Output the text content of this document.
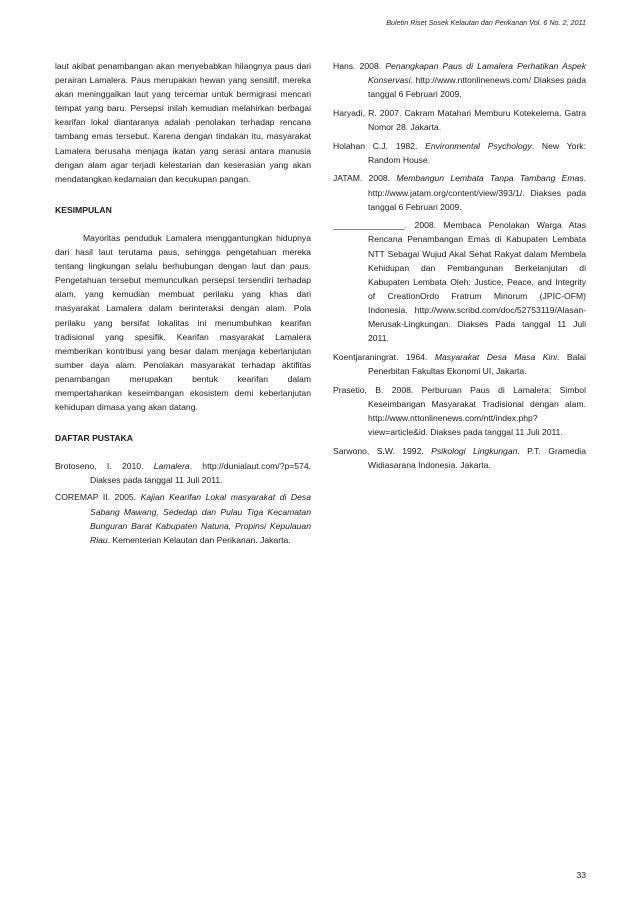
Buletin Riset Sosek Kelautan dan Perikanan Vol. 6 No. 2, 2011

laut akibat penambangan akan menyebabkan hilangnya paus dari perairan Lamalera. Paus merupakan hewan yang sensitif, mereka akan meninggalkan laut yang tercemar untuk bermigrasi mencari tempat yang baru. Persepsi inilah kemudian melahirkan berbagai kearifan lokal diantaranya adalah penolakan terhadap rencana tambang emas tersebut. Karena dengan tindakan itu, masyarakat Lamalera berusaha menjaga ikatan yang serasi antara manusia dengan alam agar terjadi kelestarian dan keserasian yang akan mendatangkan kedamaian dan kecukupan pangan.

KESIMPULAN

Mayoritas penduduk Lamalera menggantungkan hidupnya dari hasil laut terutama paus, sehingga pengetahuan mereka tentang lingkungan selalu berhubungan dengan laut dan paus. Pengetahuan tersebut memunculkan persepsi tersendiri terhadap alam, yang kemudian membuat perilaku yang khas dari masyarakat Lamalera dalam berinteraksi dengan alam. Pola perilaku yang bersifat lokalitas ini menumbuhkan kearifan tradisional yang spesifik. Kearifan masyarakat Lamalera memberikan kontribusi yang besar dalam menjaga keberlanjutan sumber daya alam. Penolakan masyarakat terhadap aktifitas penambangan merupakan bentuk kearifan dalam mempertahankan keseimbangan ekosistem demi keberlanjutan kehidupan dimasa yang akan datang.

DAFTAR PUSTAKA
Brotoseno, I. 2010. Lamalera. http://dunialaut.com/?p=574. Diakses pada tanggal 11 Juli 2011.
COREMAP II. 2005. Kajian Kearifan Lokal masyarakat di Desa Sabang Mawang, Sededap dan Pulau Tiga Kecamatan Bunguran Barat Kabupaten Natuna, Propinsi Kepulauan Riau. Kementerian Kelautan dan Perikanan. Jakarta.
Hans. 2008. Penangkapan Paus di Lamalera Perhatikan Aspek Konservasi. http://www.nttonlinenews.com/ Diakses pada tanggal 6 Februari 2009.
Haryadi, R. 2007. Cakram Matahari Memburu Kotekelema. Gatra Nomor 28. Jakarta.
Holahan C.J. 1982. Environmental Psychology. New York: Random House.
JATAM. 2008. Membangun Lembata Tanpa Tambang Emas. http://www.jatam.org/content/view/393/1/. Diakses pada tanggal 6 Februari 2009.
_______________. 2008. Membaca Penolakan Warga Atas Rencana Penambangan Emas di Kabupaten Lembata NTT Sebagai Wujud Akal Sehat Rakyat dalam Membela Kehidupan dan Pembangunan Berkelanjutan di Kabupaten Lembata Oleh: Justice, Peace, and Integrity of CreationOrdo Fratrum Minorum (JPIC-OFM) Indonesia. http://www.scribd.com/doc/52753119/Alasan-Merusak-Lingkungan. Diakses Pada tanggal 11 Juli 2011.
Koentjaraningrat. 1964. Masyarakat Desa Masa Kini. Balai Penerbitan Fakultas Ekonomi UI, Jakarta.
Prasetio, B. 2008. Perburuan Paus di Lamalera: Simbol Keseimbangan Masyarakat Tradisional dengan alam. http://www.nttonlinenews.com/ntt/index.php?view=article&id. Diakses pada tanggal 11 Juli 2011.
Sarwono, S.W. 1992. Psikologi Lingkungan. P.T. Gramedia Widiasarana Indonesia. Jakarta.
33
